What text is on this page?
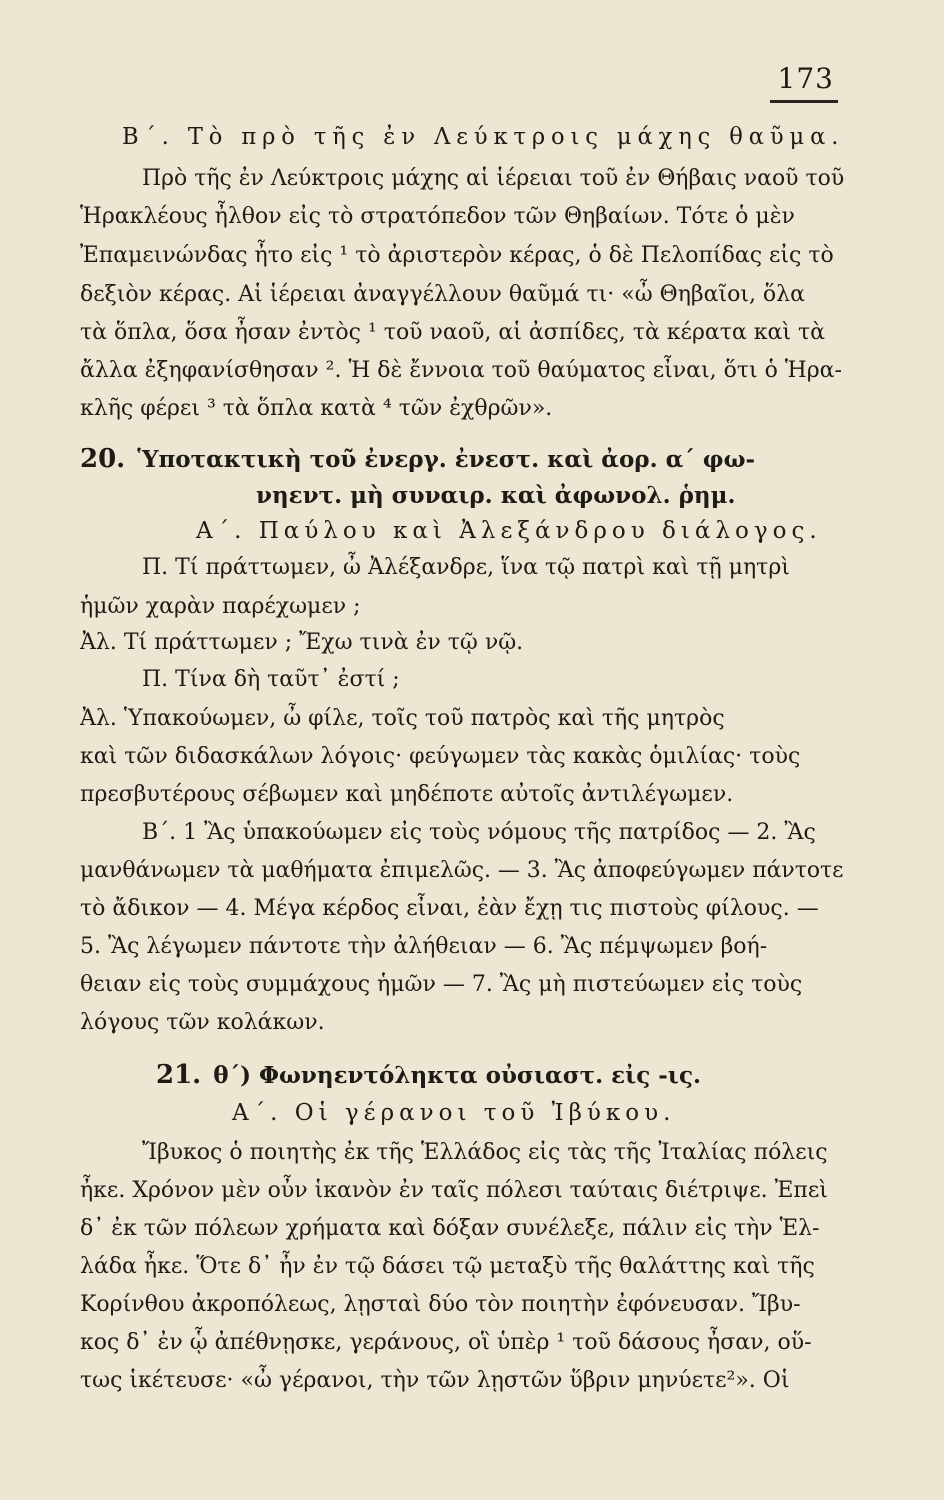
173
Β΄. Τὸ πρὸ τῆς ἐν Λεύκτροις μάχης θαῦμα.
Πρὸ τῆς ἐν Λεύκτροις μάχης αἱ ἱέρειαι τοῦ ἐν Θήβαις ναοῦ τοῦ
Ἡρακλέους ἦλθον εἰς τὸ στρατόπεδον τῶν Θηβαίων. Τότε ὁ μὲν
Ἐπαμεινώνδας ἦτο εἰς ¹ τὸ ἀριστερὸν κέρας, ὁ δὲ Πελοπίδας εἰς τὸ
δεξιὸν κέρας. Αἱ ἱέρειαι ἀναγγέλλουν θαῦμά τι· «ὦ Θηβαῖοι, ὅλα
τὰ ὅπλα, ὅσα ἦσαν ἐντὸς ¹ τοῦ ναοῦ, αἱ ἀσπίδες, τὰ κέρατα καὶ τὰ
ἄλλα ἐξηφανίσθησαν ². Ἡ δὲ ἔννοια τοῦ θαύματος εἶναι, ὅτι ὁ Ἡρα-
κλῆς φέρει ³ τὰ ὅπλα κατὰ ⁴ τῶν ἐχθρῶν».
20. Ὑποτακτικὴ τοῦ ἐνεργ. ἐνεστ. καὶ ἀορ. α΄ φω-
νηεντ. μὴ συναιρ. καὶ ἀφωνολ. ῥημ.
Α΄. Παύλου καὶ Ἀλεξάνδρου διάλογος.
Π. Τί πράττωμεν, ὦ Ἀλέξανδρε, ἵνα τῷ πατρὶ καὶ τῇ μητρὶ
ἡμῶν χαρὰν παρέχωμεν ;
Ἀλ. Τί πράττωμεν ; Ἔχω τινὰ ἐν τῷ νῷ.
Π. Τίνα δὴ ταῦτ᾽ ἐστί ;
Ἀλ. Ὑπακούωμεν, ὦ φίλε, τοῖς τοῦ πατρὸς καὶ τῆς μητρὸς
καὶ τῶν διδασκάλων λόγοις· φεύγωμεν τὰς κακὰς ὁμιλίας· τοὺς
πρεσβυτέρους σέβωμεν καὶ μηδέποτε αὐτοῖς ἀντιλέγωμεν.
Β΄. 1 Ἂς ὑπακούωμεν εἰς τοὺς νόμους τῆς πατρίδος — 2. Ἂς
μανθάνωμεν τὰ μαθήματα ἐπιμελῶς. — 3. Ἂς ἀποφεύγωμεν πάντοτε
τὸ ἄδικον — 4. Μέγα κέρδος εἶναι, ἐὰν ἔχῃ τις πιστοὺς φίλους. —
5. Ἂς λέγωμεν πάντοτε τὴν ἀλήθειαν — 6. Ἂς πέμψωμεν βοή-
θειαν εἰς τοὺς συμμάχους ἡμῶν — 7. Ἂς μὴ πιστεύωμεν εἰς τοὺς
λόγους τῶν κολάκων.
21. θ΄) Φωνηεντόληκτα οὐσιαστ. εἰς -ις.
Α΄. Οἱ γέρανοι τοῦ Ἰβύκου.
Ἴβυκος ὁ ποιητὴς ἐκ τῆς Ἑλλάδος εἰς τὰς τῆς Ἰταλίας πόλεις
ἦκε. Χρόνον μὲν οὖν ἱκανὸν ἐν ταῖς πόλεσι ταύταις διέτριψε. Ἐπεὶ
δ᾽ ἐκ τῶν πόλεων χρήματα καὶ δόξαν συνέλεξε, πάλιν εἰς τὴν Ἑλ-
λάδα ἦκε. Ὅτε δ᾽ ἦν ἐν τῷ δάσει τῷ μεταξὺ τῆς θαλάττης καὶ τῆς
Κορίνθου ἀκροπόλεως, λῃσταὶ δύο τὸν ποιητὴν ἐφόνευσαν. Ἴβυ-
κος δ᾽ ἐν ᾧ ἀπέθνῃσκε, γεράνους, οἳ ὑπὲρ ¹ τοῦ δάσους ἦσαν, οὕ-
τως ἱκέτευσε· «ὦ γέρανοι, τὴν τῶν λῃστῶν ὕβριν μηνύετε²». Οἱ
